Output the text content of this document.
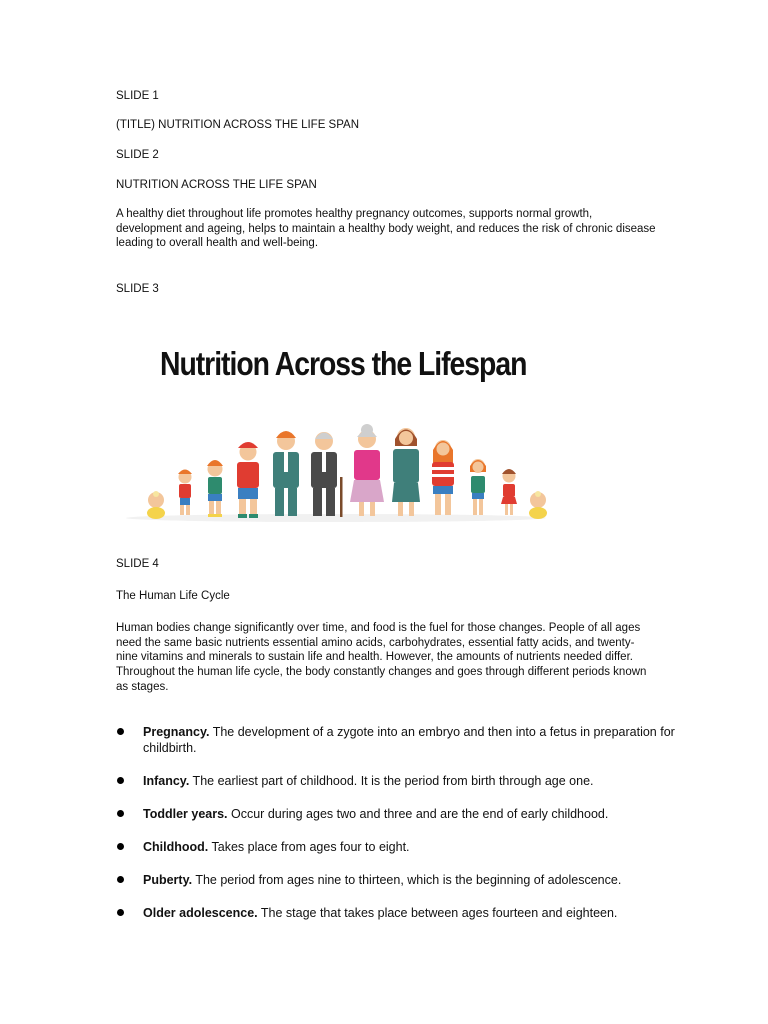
SLIDE 1

(TITLE) NUTRITION ACROSS THE LIFE SPAN

SLIDE 2

NUTRITION ACROSS THE LIFE SPAN

A healthy diet throughout life promotes healthy pregnancy outcomes, supports normal growth, development and ageing, helps to maintain a healthy body weight, and reduces the risk of chronic disease leading to overall health and well-being.

SLIDE 3

Nutrition Across the Lifespan

SLIDE 4

The Human Life Cycle

Human bodies change significantly over time, and food is the fuel for those changes. People of all ages need the same basic nutrients essential amino acids, carbohydrates, essential fatty acids, and twenty-nine vitamins and minerals to sustain life and health. However, the amounts of nutrients needed differ. Throughout the human life cycle, the body constantly changes and goes through different periods known as stages.

Pregnancy. The development of a zygote into an embryo and then into a fetus in preparation for childbirth.
Infancy. The earliest part of childhood. It is the period from birth through age one.
Toddler years. Occur during ages two and three and are the end of early childhood.
Childhood. Takes place from ages four to eight.
Puberty. The period from ages nine to thirteen, which is the beginning of adolescence.
Older adolescence. The stage that takes place between ages fourteen and eighteen.
